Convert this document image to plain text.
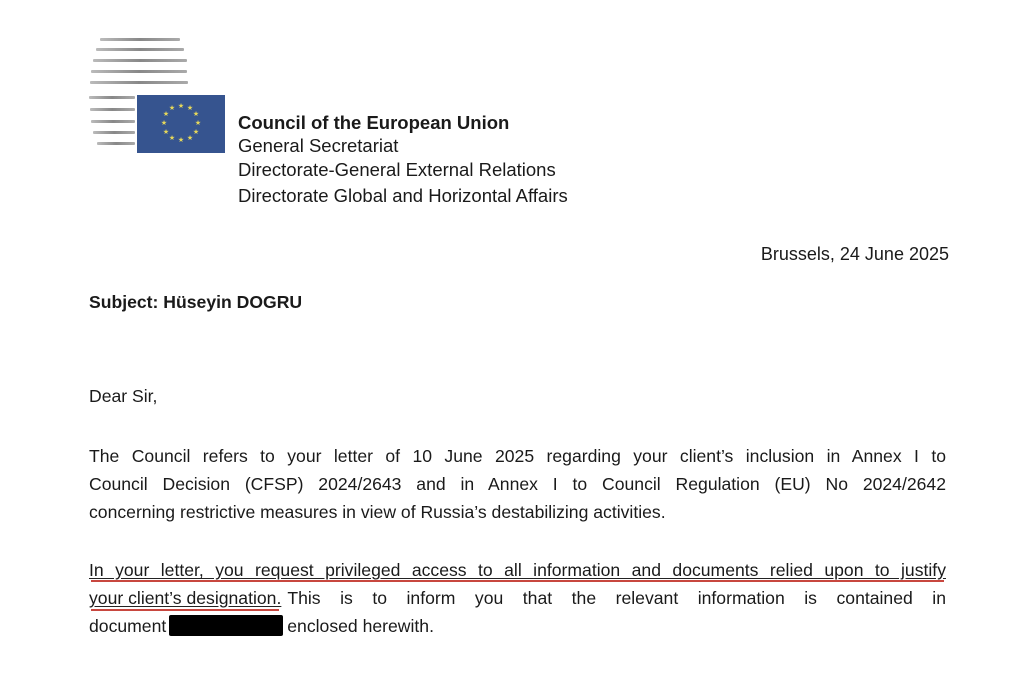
★ ★
★
★
★
★
★
★
★
★
★
★
Council of the European Union
General Secretariat
Directorate-General External Relations
Directorate Global and Horizontal Affairs
Brussels, 24 June 2025
Subject: Hüseyin DOGRU
Dear Sir,
The Council refers to your letter of 10 June 2025 regarding your client’s inclusion in Annex I to
Council Decision (CFSP) 2024/2643 and in Annex I to Council Regulation (EU) No 2024/2642
concerning restrictive measures in view of Russia’s destabilizing activities.
In your letter, you request privileged access to all information and documents relied upon to justify
your client’s designation. This is to inform you that the relevant information is contained in
document	enclosed herewith.
